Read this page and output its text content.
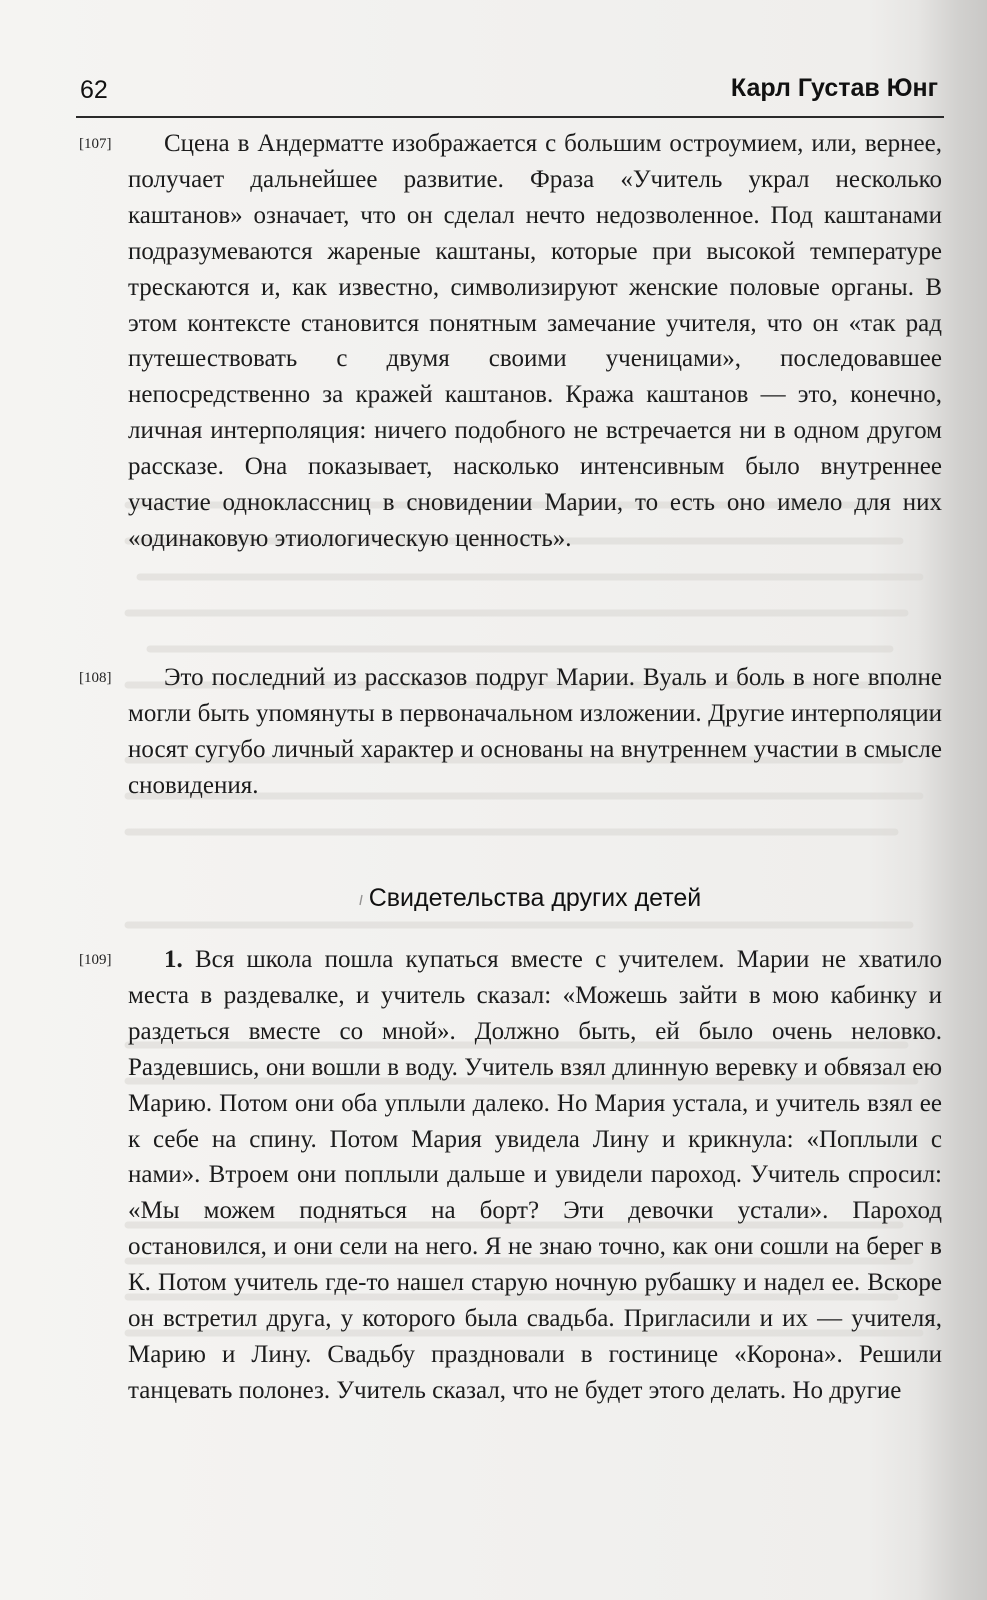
62	Карл Густав Юнг
[107]	Сцена в Андерматте изображается с большим остроумием, или, вернее, получает дальнейшее развитие. Фраза «Учитель украл несколько каштанов» означает, что он сделал нечто недозволенное. Под каштанами подразумеваются жареные каштаны, которые при высокой температуре трескаются и, как известно, символизируют женские половые органы. В этом контексте становится понятным замечание учителя, что он «так рад путешествовать с двумя своими ученицами», последовавшее непосредственно за кражей каштанов. Кража каштанов — это, конечно, личная интерполяция: ничего подобного не встречается ни в одном другом рассказе. Она показывает, насколько интенсивным было внутреннее участие одноклассниц в сновидении Марии, то есть оно имело для них «одинаковую этиологическую ценность».

[108]	Это последний из рассказов подруг Марии. Вуаль и боль в ноге вполне могли быть упомянуты в первоначальном изложении. Другие интерполяции носят сугубо личный характер и основаны на внутреннем участии в смысле сновидения.

Свидетельства других детей
[109]	1. Вся школа пошла купаться вместе с учителем. Марии не хватило места в раздевалке, и учитель сказал: «Можешь зайти в мою кабинку и раздеться вместе со мной». Должно быть, ей было очень неловко. Раздевшись, они вошли в воду. Учитель взял длинную веревку и обвязал ею Марию. Потом они оба уплыли далеко. Но Мария устала, и учитель взял ее к себе на спину. Потом Мария увидела Лину и крикнула: «Поплыли с нами». Втроем они поплыли дальше и увидели пароход. Учитель спросил: «Мы можем подняться на борт? Эти девочки устали». Пароход остановился, и они сели на него. Я не знаю точно, как они сошли на берег в К. Потом учитель где-то нашел старую ночную рубашку и надел ее. Вскоре он встретил друга, у которого была свадьба. Пригласили и их — учителя, Марию и Лину. Свадьбу праздновали в гостинице «Корона». Решили танцевать полонез. Учитель сказал, что не будет этого делать. Но другие
